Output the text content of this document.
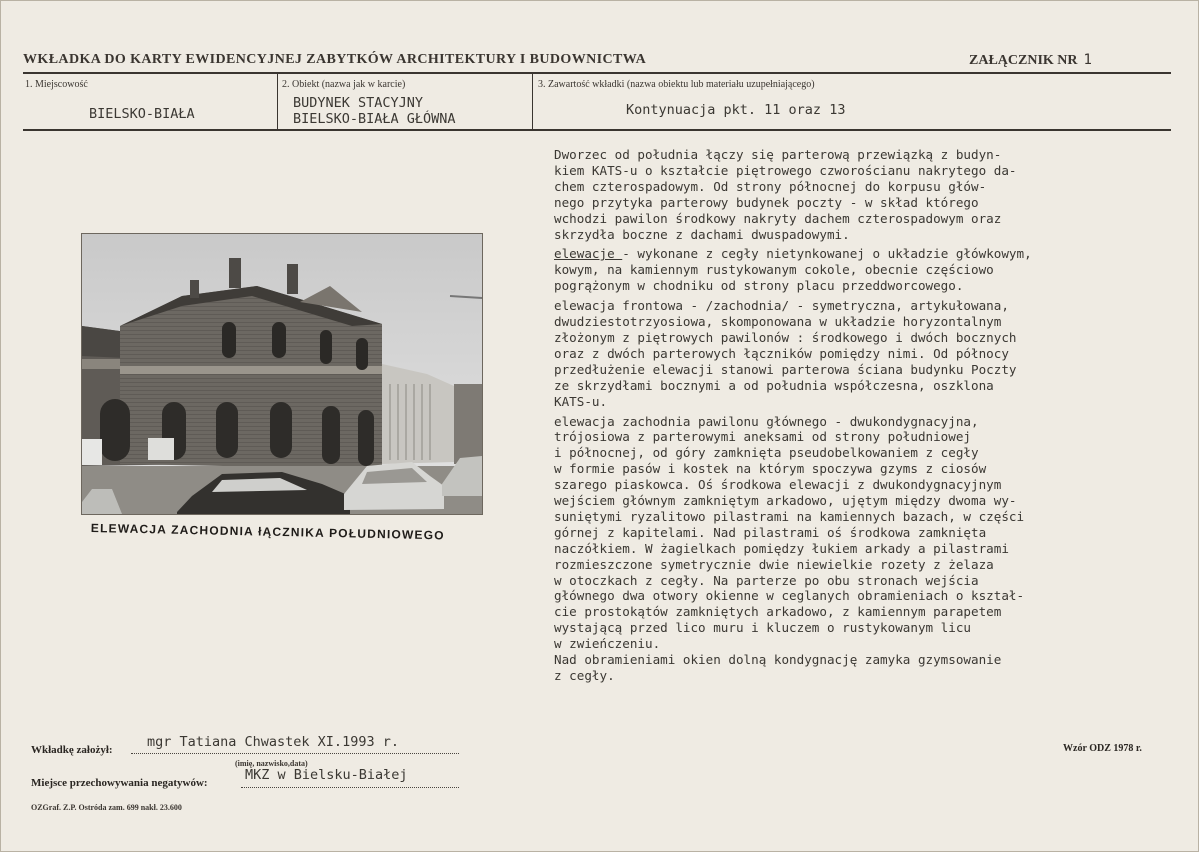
WKŁADKA DO KARTY EWIDENCYJNEJ ZABYTKÓW ARCHITEKTURY I BUDOWNICTWA	ZAŁĄCZNIK NR 1
1. Miejscowość
BIELSKO-BIAŁA
2. Obiekt (nazwa jak w karcie)
BUDYNEK STACYJNY
BIELSKO-BIAŁA GŁÓWNA
3. Zawartość wkładki (nazwa obiektu lub materiału uzupełniającego)
Kontynuacja pkt. 11 oraz 13
ELEWACJA ZACHODNIA łĄCZNIKA POŁUDNIOWEGO
Dworzec od południa łączy się parterową przewiązką z budyn-
kiem KATS-u o kształcie piętrowego czworościanu nakrytego da-
chem czterospadowym. Od strony północnej do korpusu głów-
nego przytyka parterowy budynek poczty - w skład którego
wchodzi pawilon środkowy nakryty dachem czterospadowym oraz
skrzydła boczne z dachami dwuspadowymi.
elewacje - wykonane z cegły nietynkowanej o układzie główkowym,
kowym, na kamiennym rustykowanym cokole, obecnie częściowo
pogrążonym w chodniku od strony placu przeddworcowego.
elewacja frontowa - /zachodnia/ - symetryczna, artykułowana,
dwudziestotrzyosiowa, skomponowana w układzie horyzontalnym
złożonym z piętrowych pawilonów : środkowego i dwóch bocznych
oraz z dwóch parterowych łączników pomiędzy nimi. Od północy
przedłużenie elewacji stanowi parterowa ściana budynku Poczty
ze skrzydłami bocznymi a od południa współczesna, oszklona
KATS-u.
elewacja zachodnia pawilonu głównego - dwukondygnacyjna,
trójosiowa z parterowymi aneksami od strony południowej
i północnej, od góry zamknięta pseudobelkowaniem z cegły
w formie pasów i kostek na którym spoczywa gzyms z ciosów
szarego piaskowca. Oś środkowa elewacji z dwukondygnacyjnym
wejściem głównym zamkniętym arkadowo, ujętym między dwoma wy-
suniętymi ryzalitowo pilastrami na kamiennych bazach, w części
górnej z kapitelami. Nad pilastrami oś środkowa zamknięta
naczółkiem. W żagielkach pomiędzy łukiem arkady a pilastrami
rozmieszczone symetrycznie dwie niewielkie rozety z żelaza
w otoczkach z cegły. Na parterze po obu stronach wejścia
głównego dwa otwory okienne w ceglanych obramieniach o kształ-
cie prostokątów zamkniętych arkadowo, z kamiennym parapetem
wystającą przed lico muru i kluczem o rustykowanym licu
w zwieńczeniu.
Nad obramieniami okien dolną kondygnację zamyka gzymsowanie
z cegły.
Wkładkę założył:	mgr Tatiana Chwastek XI.1993 r.
(imię, nazwisko,data)
Miejsce przechowywania negatywów:	MKZ w Bielsku-Białej
Wzór ODZ 1978 r.
OZGraf. Z.P. Ostróda zam. 699 nakł. 23.600
